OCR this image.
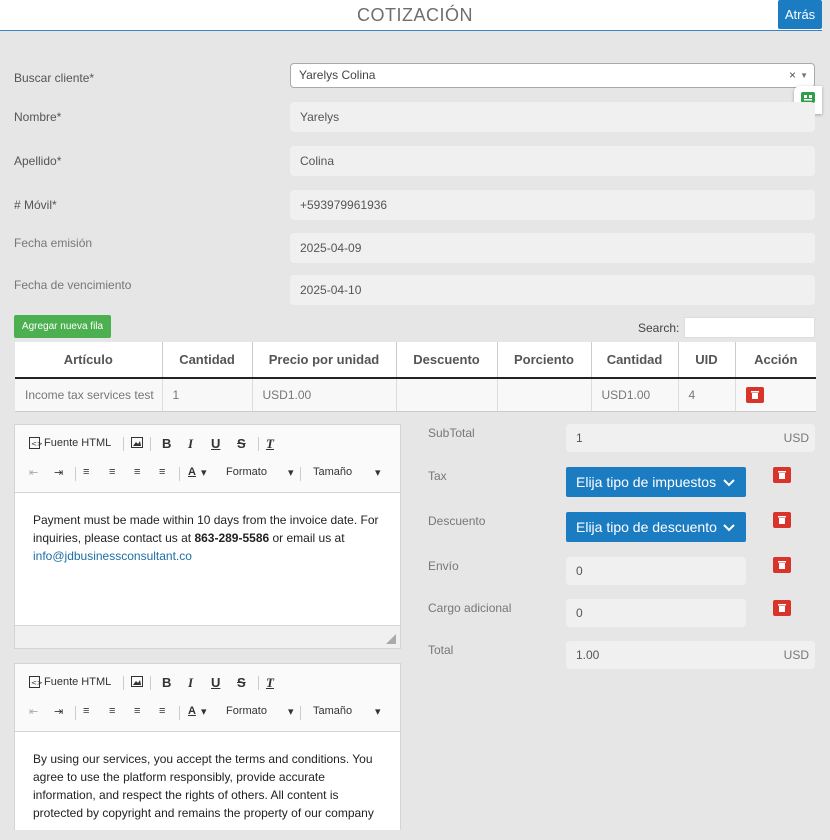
COTIZACIÓN	Atrás
Buscar cliente*	Yarelys Colina	× ▼
Nombre*	Yarelys
Apellido*	Colina
# Móvil*	+593979961936
Fecha emisión	2025-04-09
Fecha de vencimiento	2025-04-10
Agregar nueva fila	Search:
Artículo	Cantidad	Precio por unidad	Descuento	Porciento	Cantidad	UID	Acción
Income tax services test	1	USD1.00			USD1.00	4	
<> Fuente HTML	B I U S T
⇤ ⇥ ≡ ≡ ≡ ≡ A ▾ Formato ▾ Tamaño ▾
Payment must be made within 10 days from the invoice date. For inquiries, please contact us at 863-289-5586 or email us at
info@jdbusinessconsultant.co
<> Fuente HTML	B I U S T
⇤ ⇥ ≡ ≡ ≡ ≡ A ▾ Formato ▾ Tamaño ▾
By using our services, you accept the terms and conditions. You agree to use the platform responsibly, provide accurate information, and respect the rights of others. All content is protected by copyright and remains the property of our company
SubTotal	1	USD
Tax	Elija tipo de impuestos
Descuento	Elija tipo de descuento
Envío	0
Cargo adicional	0
Total	1.00	USD
